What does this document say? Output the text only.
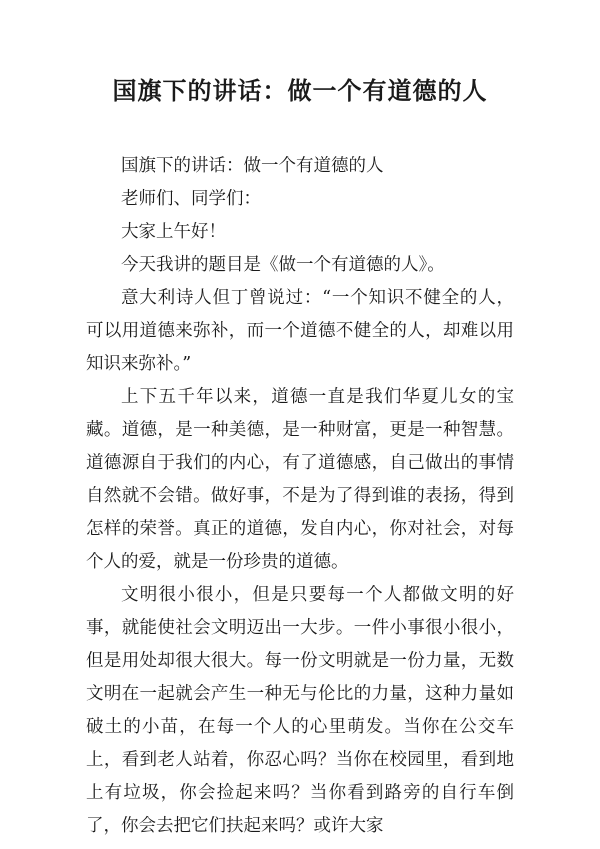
国旗下的讲话：做一个有道德的人

国旗下的讲话：做一个有道德的人

老师们、同学们：

大家上午好！

今天我讲的题目是《做一个有道德的人》。

意大利诗人但丁曾说过：“一个知识不健全的人，可以用道德来弥补，而一个道德不健全的人，却难以用知识来弥补。”

上下五千年以来，道德一直是我们华夏儿女的宝藏。道德，是一种美德，是一种财富，更是一种智慧。道德源自于我们的内心，有了道德感，自己做出的事情自然就不会错。做好事，不是为了得到谁的表扬，得到怎样的荣誉。真正的道德，发自内心，你对社会，对每个人的爱，就是一份珍贵的道德。

文明很小很小，但是只要每一个人都做文明的好事，就能使社会文明迈出一大步。一件小事很小很小，但是用处却很大很大。每一份文明就是一份力量，无数文明在一起就会产生一种无与伦比的力量，这种力量如破土的小苗，在每一个人的心里萌发。当你在公交车上，看到老人站着，你忍心吗？当你在校园里，看到地上有垃圾，你会捡起来吗？当你看到路旁的自行车倒了，你会去把它们扶起来吗？或许大家
